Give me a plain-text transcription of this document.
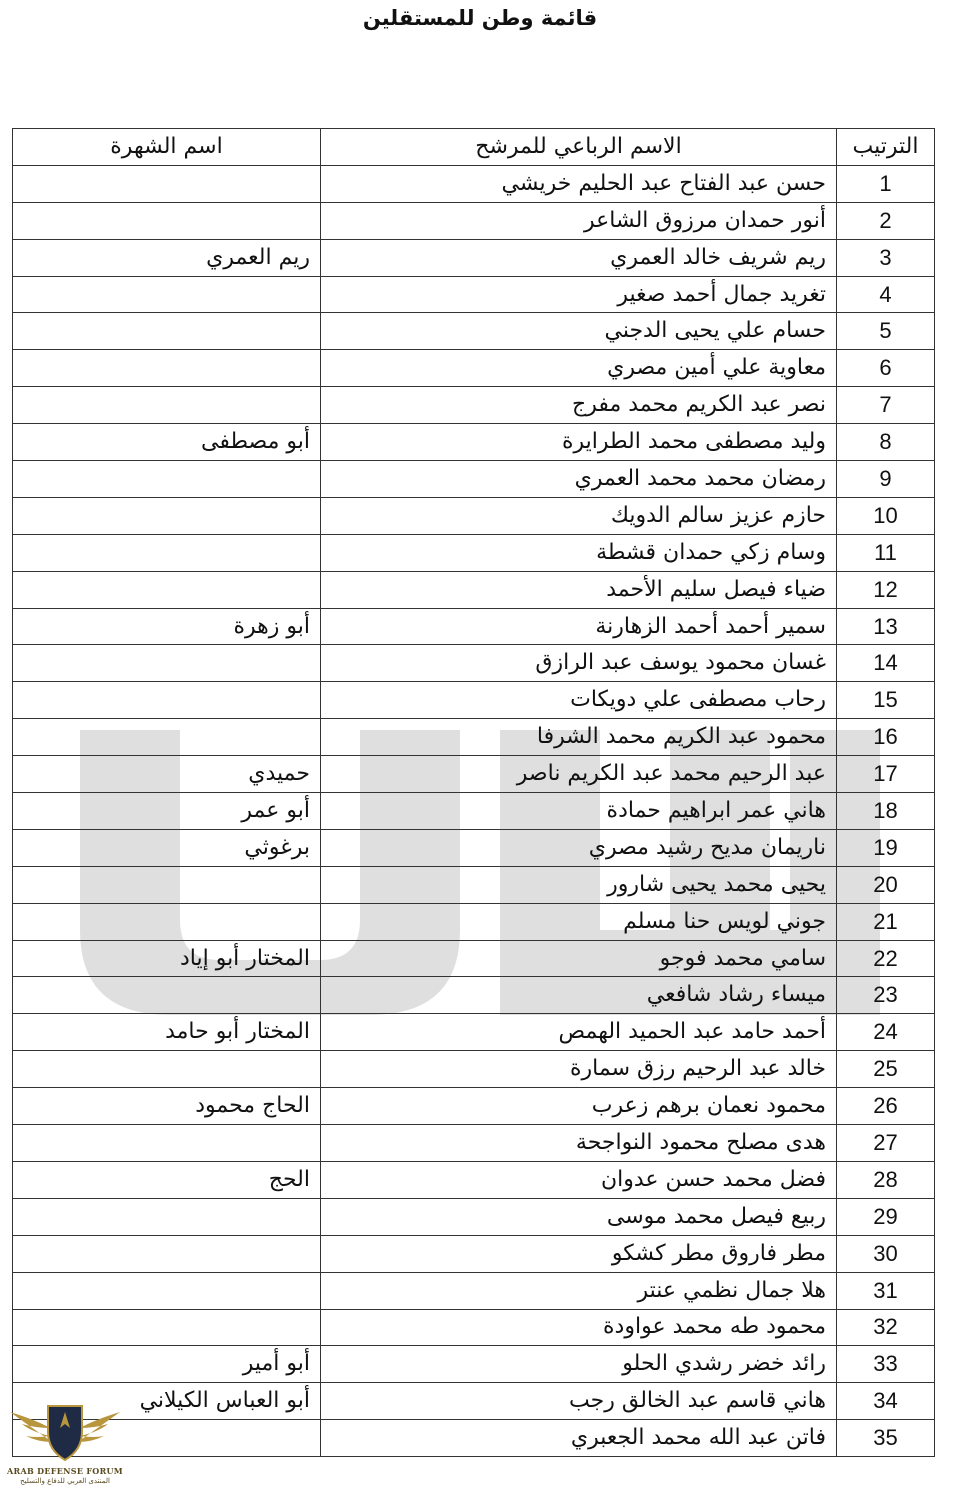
قائمة وطن للمستقلين
الترتيب	الاسم الرباعي للمرشح	اسم الشهرة
1	حسن عبد الفتاح عبد الحليم خريشي	
2	أنور حمدان مرزوق الشاعر	
3	ريم شريف خالد العمري	ريم العمري
4	تغريد جمال أحمد صغير	
5	حسام علي يحيى الدجني	
6	معاوية علي أمين مصري	
7	نصر عبد الكريم محمد مفرج	
8	وليد مصطفى محمد الطرايرة	أبو مصطفى
9	رمضان محمد محمد العمري	
10	حازم عزيز سالم الدويك	
11	وسام زكي حمدان قشطة	
12	ضياء فيصل سليم الأحمد	
13	سمير أحمد أحمد الزهارنة	أبو زهرة
14	غسان محمود يوسف عبد الرازق	
15	رحاب مصطفى علي دويكات	
16	محمود عبد الكريم محمد الشرفا	
17	عبد الرحيم محمد عبد الكريم ناصر	حميدي
18	هاني عمر ابراهيم حمادة	أبو عمر
19	ناريمان مديح رشيد مصري	برغوثي
20	يحيى محمد يحيى شارور	
21	جوني لويس حنا مسلم	
22	سامي محمد فوجو	المختار أبو إياد
23	ميساء رشاد شافعي	
24	أحمد حامد عبد الحميد الهمص	المختار أبو حامد
25	خالد عبد الرحيم رزق سمارة	
26	محمود نعمان برهم زعرب	الحاج محمود
27	هدى مصلح محمود النواجحة	
28	فضل محمد حسن عدوان	الحج
29	ربيع فيصل محمد موسى	
30	مطر فاروق مطر كشكو	
31	هلا جمال نظمي عنتر	
32	محمود طه محمد عواودة	
33	رائد خضر رشدي الحلو	أبو أمير
34	هاني قاسم عبد الخالق رجب	أبو العباس الكيلاني
35	فاتن عبد الله محمد الجعبري	
ARAB DEFENSE FORUM
المنتدى العربي للدفاع والتسليح
